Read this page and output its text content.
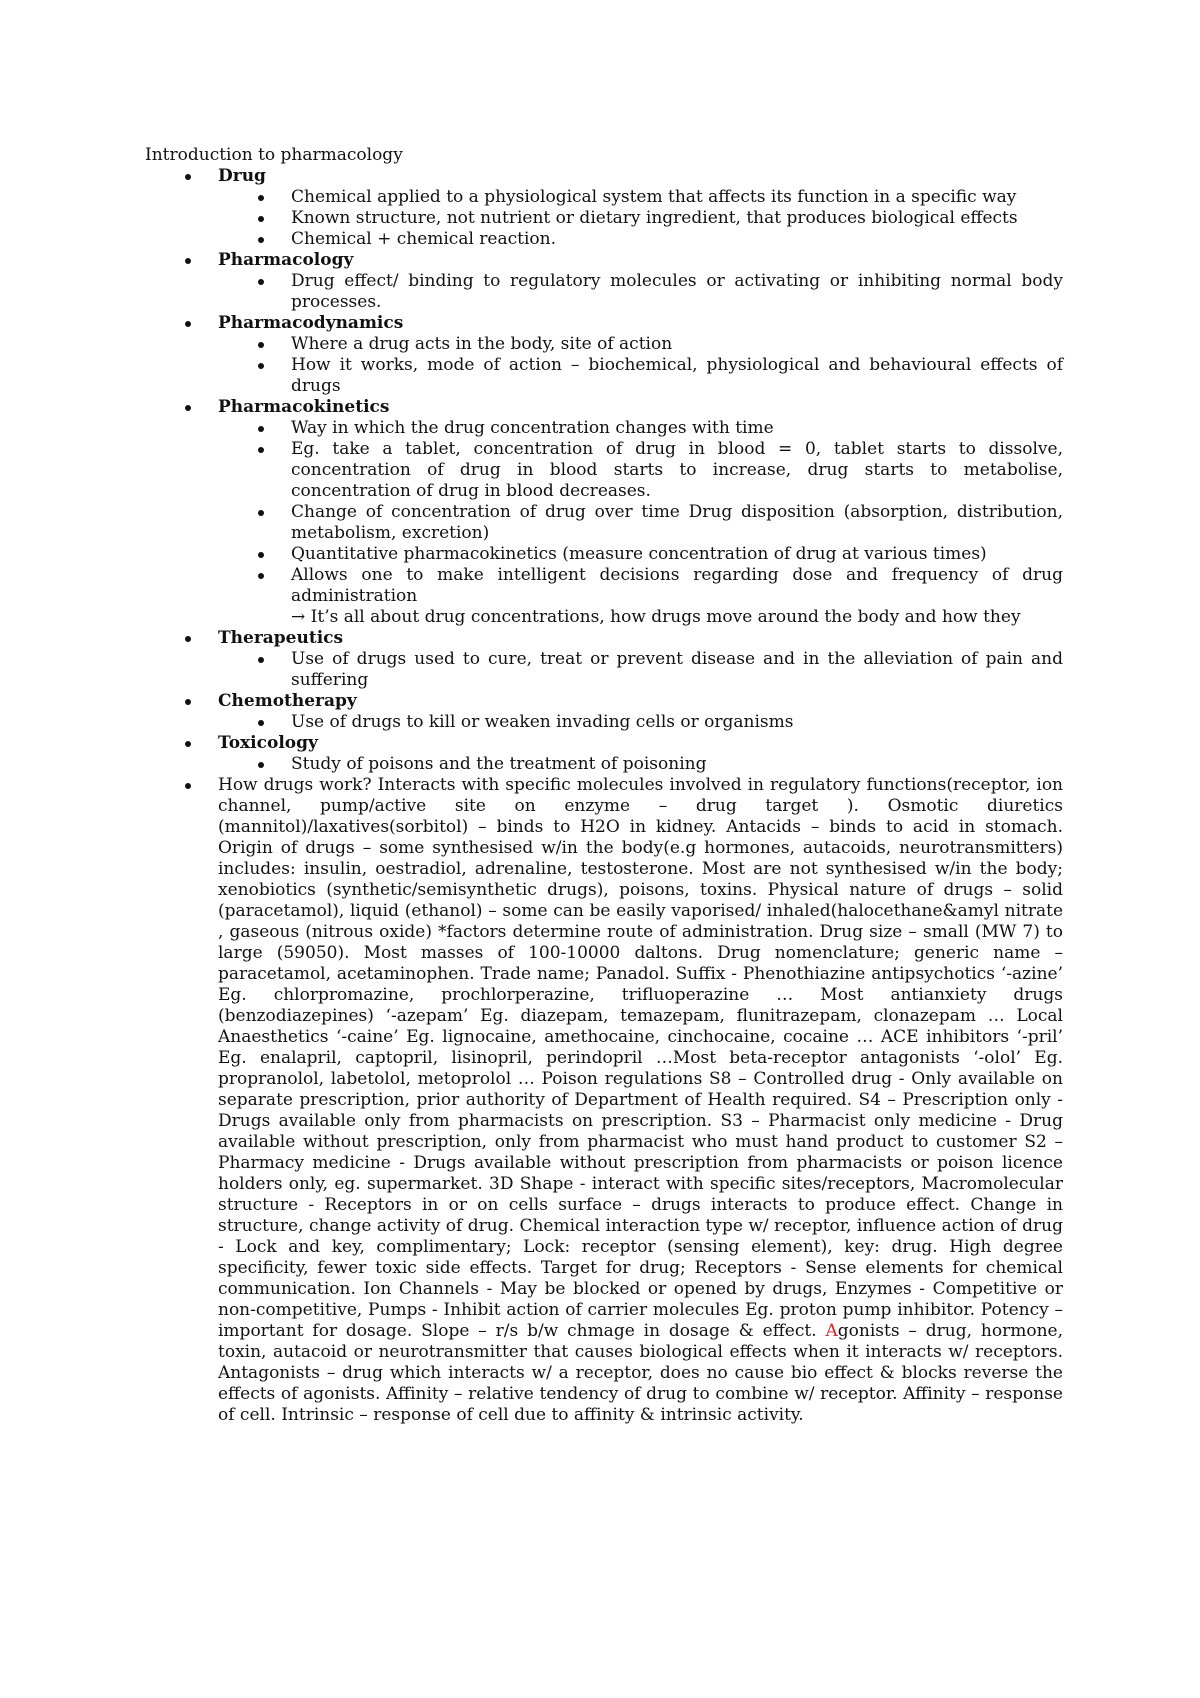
Introduction to pharmacology
Drug
Chemical applied to a physiological system that affects its function in a specific way
Known structure, not nutrient or dietary ingredient, that produces biological effects
Chemical + chemical reaction.
Pharmacology
Drug effect/ binding to regulatory molecules or activating or inhibiting normal body processes.
Pharmacodynamics
Where a drug acts in the body, site of action
How it works, mode of action – biochemical, physiological and behavioural effects of drugs
Pharmacokinetics
Way in which the drug concentration changes with time
Eg. take a tablet, concentration of drug in blood = 0, tablet starts to dissolve, concentration of drug in blood starts to increase, drug starts to metabolise, concentration of drug in blood decreases.
Change of concentration of drug over time Drug disposition (absorption, distribution, metabolism, excretion)
Quantitative pharmacokinetics (measure concentration of drug at various times)
Allows one to make intelligent decisions regarding dose and frequency of drug administration
→ It’s all about drug concentrations, how drugs move around the body and how they
Therapeutics
Use of drugs used to cure, treat or prevent disease and in the alleviation of pain and suffering
Chemotherapy
Use of drugs to kill or weaken invading cells or organisms
Toxicology
Study of poisons and the treatment of poisoning
How drugs work? Interacts with specific molecules involved in regulatory functions(receptor, ion channel, pump/active site on enzyme – drug target ). Osmotic diuretics (mannitol)/laxatives(sorbitol) – binds to H2O in kidney. Antacids – binds to acid in stomach. Origin of drugs – some synthesised w/in the body(e.g hormones, autacoids, neurotransmitters) includes: insulin, oestradiol, adrenaline, testosterone. Most are not synthesised w/in the body; xenobiotics (synthetic/semisynthetic drugs), poisons, toxins. Physical nature of drugs – solid (paracetamol), liquid (ethanol) – some can be easily vaporised/ inhaled(halocethane&amyl nitrate , gaseous (nitrous oxide) *factors determine route of administration. Drug size – small (MW 7) to large (59050). Most masses of 100-10000 daltons. Drug nomenclature; generic name – paracetamol, acetaminophen. Trade name; Panadol. Suffix - Phenothiazine antipsychotics ‘-azine’ Eg. chlorpromazine, prochlorperazine, trifluoperazine … Most antianxiety drugs (benzodiazepines) ‘-azepam’ Eg. diazepam, temazepam, flunitrazepam, clonazepam … Local Anaesthetics ‘-caine’ Eg. lignocaine, amethocaine, cinchocaine, cocaine … ACE inhibitors ‘-pril’ Eg. enalapril, captopril, lisinopril, perindopril …Most beta-receptor antagonists ‘-olol’ Eg. propranolol, labetolol, metoprolol … Poison regulations S8 – Controlled drug - Only available on separate prescription, prior authority of Department of Health required. S4 – Prescription only - Drugs available only from pharmacists on prescription. S3 – Pharmacist only medicine - Drug available without prescription, only from pharmacist who must hand product to customer S2 – Pharmacy medicine - Drugs available without prescription from pharmacists or poison licence holders only, eg. supermarket. 3D Shape - interact with specific sites/receptors, Macromolecular structure - Receptors in or on cells surface – drugs interacts to produce effect. Change in structure, change activity of drug. Chemical interaction type w/ receptor, influence action of drug - Lock and key, complimentary; Lock: receptor (sensing element), key: drug. High degree specificity, fewer toxic side effects. Target for drug; Receptors - Sense elements for chemical communication. Ion Channels - May be blocked or opened by drugs, Enzymes - Competitive or non-competitive, Pumps - Inhibit action of carrier molecules Eg. proton pump inhibitor. Potency – important for dosage. Slope – r/s b/w chmage in dosage & effect. Agonists – drug, hormone, toxin, autacoid or neurotransmitter that causes biological effects when it interacts w/ receptors. Antagonists – drug which interacts w/ a receptor, does no cause bio effect & blocks reverse the effects of agonists. Affinity – relative tendency of drug to combine w/ receptor. Affinity – response of cell. Intrinsic – response of cell due to affinity & intrinsic activity.
